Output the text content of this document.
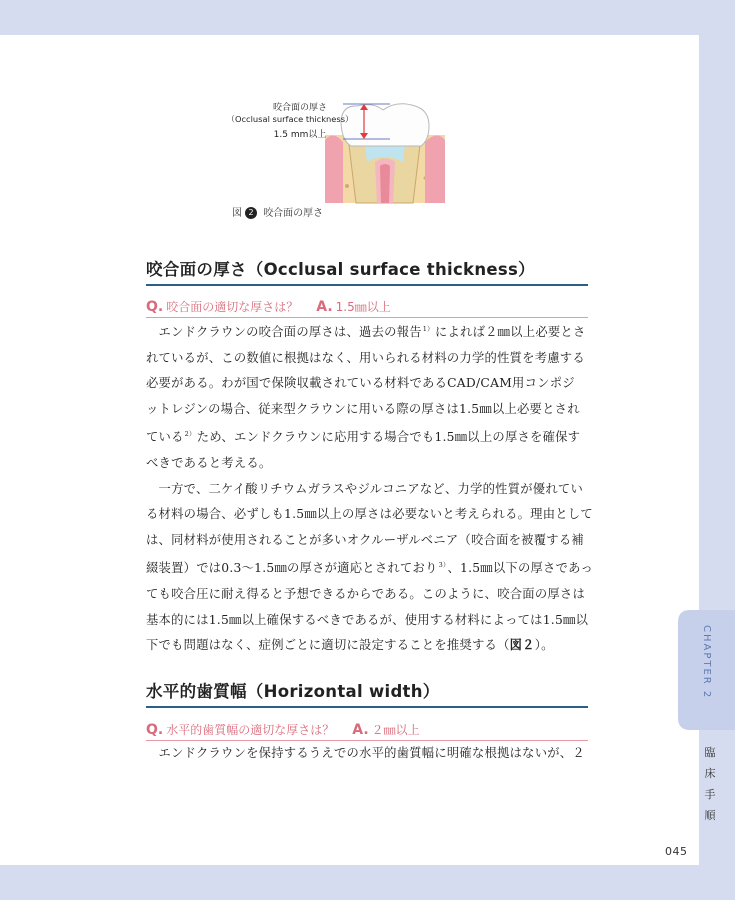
咬合面の厚さ
（Occlusal surface thickness）
1.5 mm以上
図 2 咬合面の厚さ
咬合面の厚さ（Occlusal surface thickness）
Q. 咬合面の適切な厚さは？ A. 1.5㎜以上
　エンドクラウンの咬合面の厚さは、過去の報告$^{1)}$によれば２㎜以上必要とさ
れているが、この数値に根拠はなく、用いられる材料の力学的性質を考慮する
必要がある。わが国で保険収載されている材料であるCAD/CAM用コンポジ
ットレジンの場合、従来型クラウンに用いる際の厚さは1.5㎜以上必要とされ
ている$^{2)}$ため、エンドクラウンに応用する場合でも1.5㎜以上の厚さを確保す
べきであると考える。
　一方で、二ケイ酸リチウムガラスやジルコニアなど、力学的性質が優れてい
る材料の場合、必ずしも1.5㎜以上の厚さは必要ないと考えられる。理由として
は、同材料が使用されることが多いオクルーザルベニア（咬合面を被覆する補
綴装置）では0.3～1.5㎜の厚さが適応とされており$^{3)}$、1.5㎜以下の厚さであっ
ても咬合圧に耐え得ると予想できるからである。このように、咬合面の厚さは
基本的には1.5㎜以上確保するべきであるが、使用する材料によっては1.5㎜以
下でも問題はなく、症例ごとに適切に設定することを推奨する（図２）。
水平的歯質幅（Horizontal width）
Q. 水平的歯質幅の適切な厚さは？ A. ２㎜以上
　エンドクラウンを保持するうえでの水平的歯質幅に明確な根拠はないが、２
CHAPTER 2
臨
床
手
順
045
